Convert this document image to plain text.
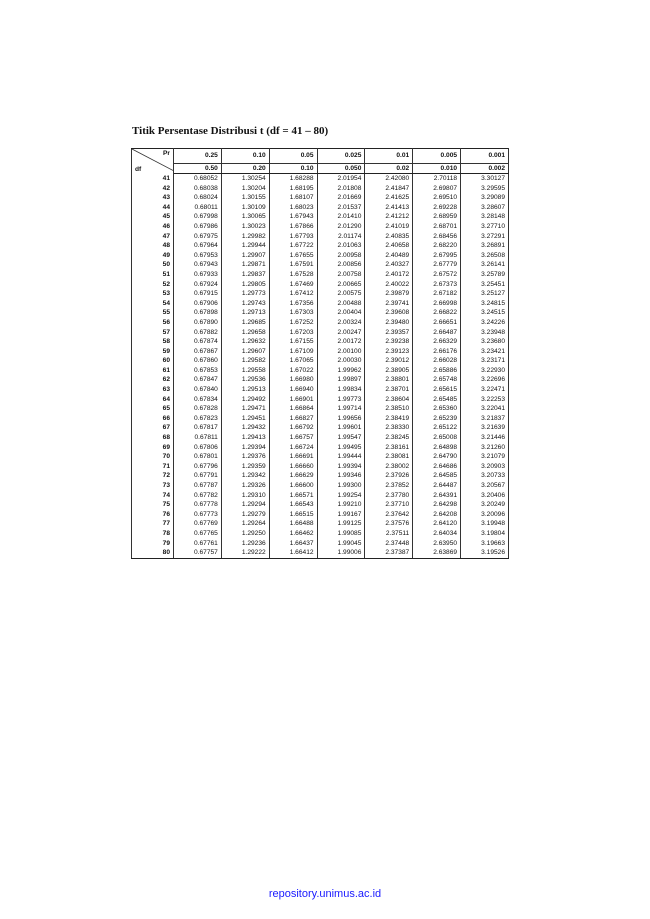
Titik Persentase Distribusi t (df = 41 – 80)
Pr
df	0.25	0.10	0.05	0.025	0.01	0.005	0.001
	0.50	0.20	0.10	0.050	0.02	0.010	0.002
41	0.68052	1.30254	1.68288	2.01954	2.42080	2.70118	3.30127
42	0.68038	1.30204	1.68195	2.01808	2.41847	2.69807	3.29595
43	0.68024	1.30155	1.68107	2.01669	2.41625	2.69510	3.29089
44	0.68011	1.30109	1.68023	2.01537	2.41413	2.69228	3.28607
45	0.67998	1.30065	1.67943	2.01410	2.41212	2.68959	3.28148
46	0.67986	1.30023	1.67866	2.01290	2.41019	2.68701	3.27710
47	0.67975	1.29982	1.67793	2.01174	2.40835	2.68456	3.27291
48	0.67964	1.29944	1.67722	2.01063	2.40658	2.68220	3.26891
49	0.67953	1.29907	1.67655	2.00958	2.40489	2.67995	3.26508
50	0.67943	1.29871	1.67591	2.00856	2.40327	2.67779	3.26141
51	0.67933	1.29837	1.67528	2.00758	2.40172	2.67572	3.25789
52	0.67924	1.29805	1.67469	2.00665	2.40022	2.67373	3.25451
53	0.67915	1.29773	1.67412	2.00575	2.39879	2.67182	3.25127
54	0.67906	1.29743	1.67356	2.00488	2.39741	2.66998	3.24815
55	0.67898	1.29713	1.67303	2.00404	2.39608	2.66822	3.24515
56	0.67890	1.29685	1.67252	2.00324	2.39480	2.66651	3.24226
57	0.67882	1.29658	1.67203	2.00247	2.39357	2.66487	3.23948
58	0.67874	1.29632	1.67155	2.00172	2.39238	2.66329	3.23680
59	0.67867	1.29607	1.67109	2.00100	2.39123	2.66176	3.23421
60	0.67860	1.29582	1.67065	2.00030	2.39012	2.66028	3.23171
61	0.67853	1.29558	1.67022	1.99962	2.38905	2.65886	3.22930
62	0.67847	1.29536	1.66980	1.99897	2.38801	2.65748	3.22696
63	0.67840	1.29513	1.66940	1.99834	2.38701	2.65615	3.22471
64	0.67834	1.29492	1.66901	1.99773	2.38604	2.65485	3.22253
65	0.67828	1.29471	1.66864	1.99714	2.38510	2.65360	3.22041
66	0.67823	1.29451	1.66827	1.99656	2.38419	2.65239	3.21837
67	0.67817	1.29432	1.66792	1.99601	2.38330	2.65122	3.21639
68	0.67811	1.29413	1.66757	1.99547	2.38245	2.65008	3.21446
69	0.67806	1.29394	1.66724	1.99495	2.38161	2.64898	3.21260
70	0.67801	1.29376	1.66691	1.99444	2.38081	2.64790	3.21079
71	0.67796	1.29359	1.66660	1.99394	2.38002	2.64686	3.20903
72	0.67791	1.29342	1.66629	1.99346	2.37926	2.64585	3.20733
73	0.67787	1.29326	1.66600	1.99300	2.37852	2.64487	3.20567
74	0.67782	1.29310	1.66571	1.99254	2.37780	2.64391	3.20406
75	0.67778	1.29294	1.66543	1.99210	2.37710	2.64298	3.20249
76	0.67773	1.29279	1.66515	1.99167	2.37642	2.64208	3.20096
77	0.67769	1.29264	1.66488	1.99125	2.37576	2.64120	3.19948
78	0.67765	1.29250	1.66462	1.99085	2.37511	2.64034	3.19804
79	0.67761	1.29236	1.66437	1.99045	2.37448	2.63950	3.19663
80	0.67757	1.29222	1.66412	1.99006	2.37387	2.63869	3.19526
repository.unimus.ac.id
